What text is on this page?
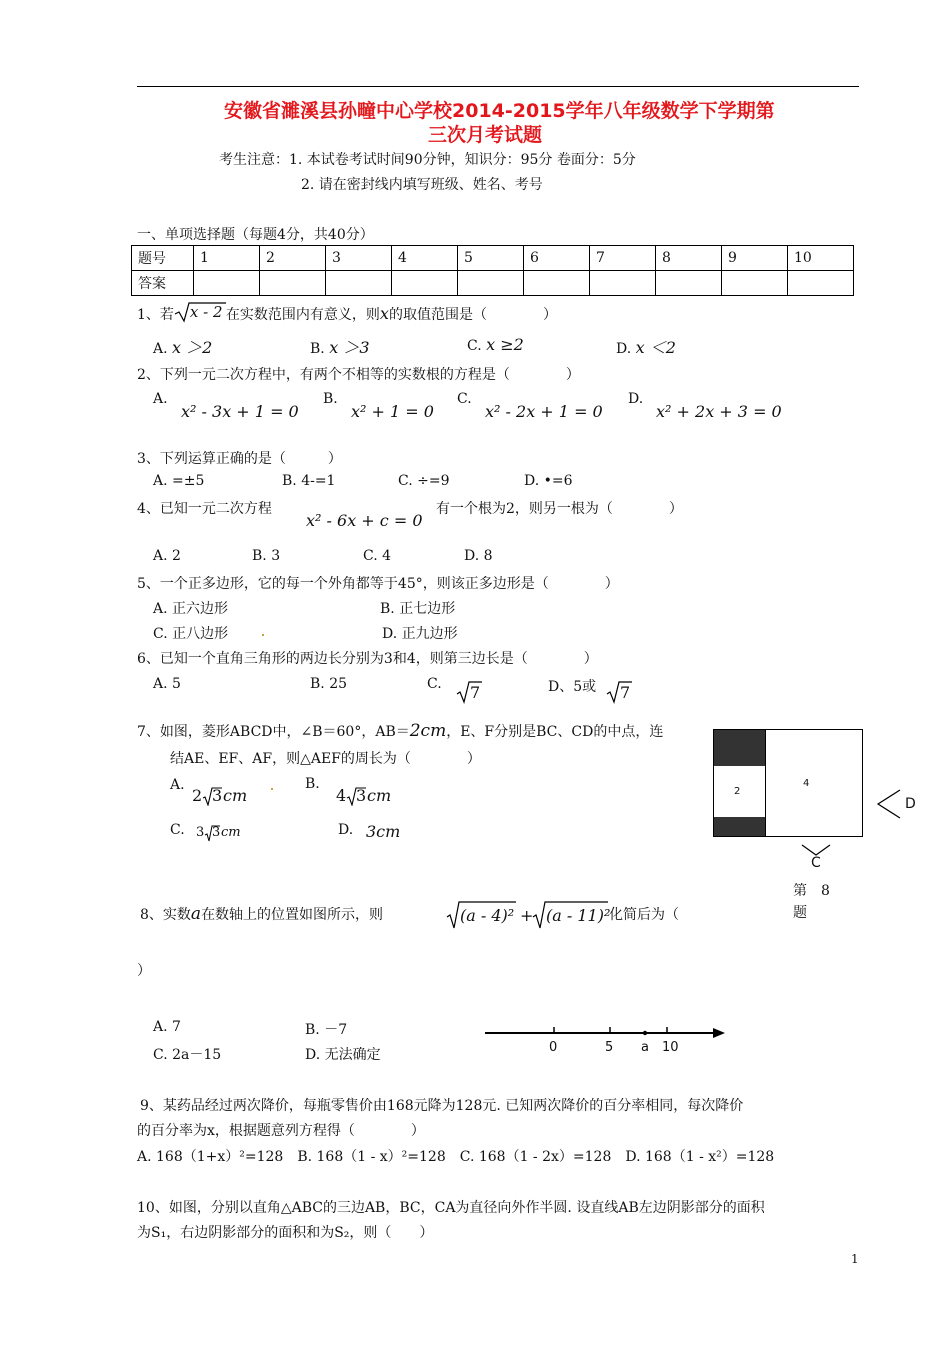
安徽省濉溪县孙疃中心学校2014-2015学年八年级数学下学期第
三次月考试题
考生注意：1. 本试卷考试时间90分钟，知识分：95分 卷面分：5分
2. 请在密封线内填写班级、姓名、考号
一、单项选择题（每题4分，共40分）
题号	1	2	3	4	5	6	7	8	9	10
答案										
1、若 x - 2 在实数范围内有意义，则x的取值范围是（　　　　）
A. x ＞2	B. x ＞3	C. x ≥2	D. x ＜2
2、下列一元二次方程中，有两个不相等的实数根的方程是（　　　　）
A.
x² - 3x + 1 = 0
B.
x² + 1 = 0
C.
x² - 2x + 1 = 0
D.
x² + 2x + 3 = 0
3、下列运算正确的是（　　　）
A. =±5	B. 4-=1	C. ÷=9	D. •=6
4、已知一元二次方程
x² - 6x + c = 0
有一个根为2，则另一根为（　　　　）
A. 2	B. 3	C. 4	D. 8
5、一个正多边形，它的每一个外角都等于45°，则该正多边形是（　　　　）
A. 正六边形	B. 正七边形
C. 正八边形	D. 正九边形
6、已知一个直角三角形的两边长分别为3和4，则第三边长是（　　　　）
A. 5	B. 25	C. 7	D、5或 7
7、如图，菱形ABCD中，∠B＝60°，AB＝2cm，E、F分别是BC、CD的中点，连
结AE、EF、AF，则△AEF的周长为（　　　　）
A.
2 3 cm
B.
4 3 cm
C. 3 3 cm	D. 3cm
2
4
D
C
第　8
题
8、实数a在数轴上的位置如图所示，则	(a - 4)² + (a - 11)²
化简后为（
）
A. 7	B. －7
C. 2a－15	D. 无法确定	0	5 a 10
9、某药品经过两次降价，每瓶零售价由168元降为128元. 已知两次降价的百分率相同，每次降价
的百分率为x，根据题意列方程得（　　　　）
A. 168（1+x）²=128　B. 168（1 - x）²=128　C. 168（1 - 2x）=128　D. 168（1 - x²）=128
10、如图，分别以直角△ABC的三边AB，BC，CA为直径向外作半圆. 设直线AB左边阴影部分的面积
为S₁，右边阴影部分的面积和为S₂，则（　　）
1
